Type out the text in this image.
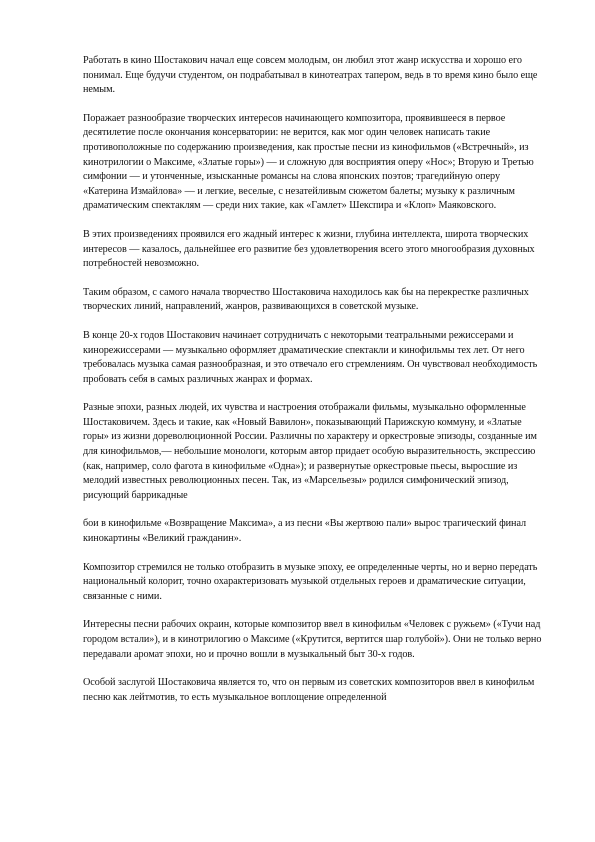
Работать в кино Шостакович начал еще совсем молодым, он любил этот жанр искусства и хорошо его понимал. Еще будучи студентом, он подрабатывал в кинотеатрах тапером, ведь в то время кино было еще немым.

Поражает разнообразие творческих интересов начинающего композитора, проявившееся в первое десятилетие после окончания консерватории: не верится, как мог один человек написать такие противоположные по содержанию произведения, как простые песни из кинофильмов («Встречный», из кинотрилогии о Максиме, «Златые горы») — и сложную для восприятия оперу «Нос»; Вторую и Третью симфонии — и утонченные, изысканные романсы на слова японских поэтов; трагедийную оперу «Катерина Измайлова» — и легкие, веселые, с незатейливым сюжетом балеты; музыку к различным драматическим спектаклям — среди них такие, как «Гамлет» Шекспира и «Клоп» Маяковского.

В этих произведениях проявился его жадный интерес к жизни, глубина интеллекта, широта творческих интересов — казалось, дальнейшее его развитие без удовлетворения всего этого многообразия духовных потребностей невозможно.

Таким образом, с самого начала творчество Шостаковича находилось как бы на перекрестке различных творческих линий, направлений, жанров, развивающихся в советской музыке.

В конце 20-х годов Шостакович начинает сотрудничать с некоторыми театральными режиссерами и кинорежиссерами — музыкально оформляет драматические спектакли и кинофильмы тех лет. От него требовалась музыка самая разнообразная, и это отвечало его стремлениям. Он чувствовал необходимость пробовать себя в самых различных жанрах и формах.

Разные эпохи, разных людей, их чувства и настроения отображали фильмы, музыкально оформленные Шостаковичем. Здесь и такие, как «Новый Вавилон», показывающий Парижскую коммуну, и «Златые горы» из жизни дореволюционной России. Различны по характеру и оркестровые эпизоды, созданные им для кинофильмов,— небольшие монологи, которым автор придает особую выразительность, экспрессию (как, например, соло фагота в кинофильме «Одна»); и развернутые оркестровые пьесы, выросшие из мелодий известных революционных песен. Так, из «Марсельезы» родился симфонический эпизод, рисующий баррикадные

бои в кинофильме «Возвращение Максима», а из песни «Вы жертвою пали» вырос трагический финал кинокартины «Великий гражданин».

Композитор стремился не только отобразить в музыке эпоху, ее определенные черты, но и верно передать национальный колорит, точно охарактеризовать музыкой отдельных героев и драматические ситуации, связанные с ними.

Интересны песни рабочих окраин, которые композитор ввел в кинофильм «Человек с ружьем» («Тучи над городом встали»), и в кинотрилогию о Максиме («Крутится, вертится шар голубой»). Они не только верно передавали аромат эпохи, но и прочно вошли в музыкальный быт 30-х годов.

Особой заслугой Шостаковича является то, что он первым из советских композиторов ввел в кинофильм песню как лейтмотив, то есть музыкальное воплощение определенной
